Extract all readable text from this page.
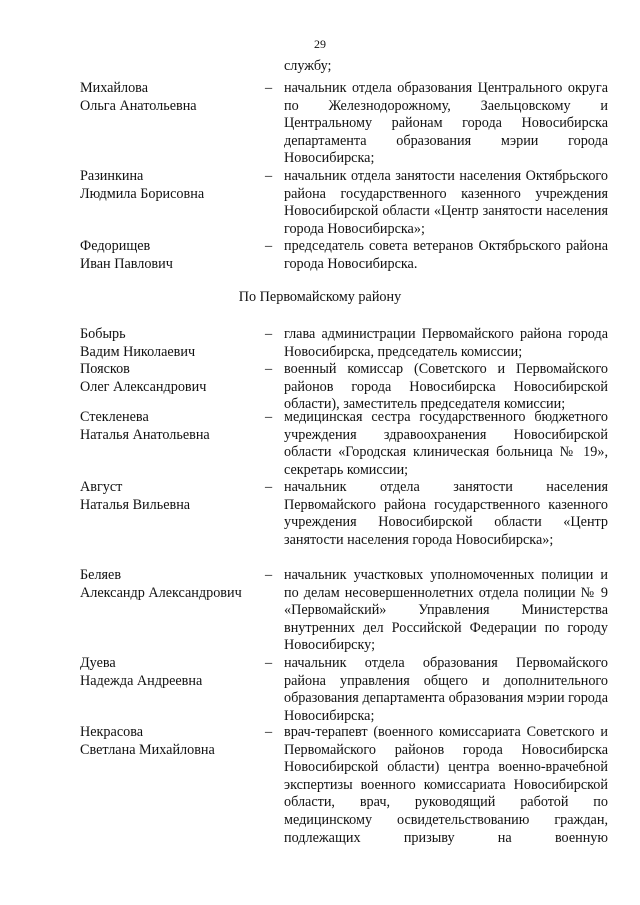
29
службу;
Михайлова
Ольга Анатольевна
– начальник отдела образования Центрального округа по Железнодорожному, Заельцовскому и Центральному районам города Новосибирска департамента образования мэрии города Новосибирска;
Разинкина
Людмила Борисовна
– начальник отдела занятости населения Октябрьского района государственного казенного учреждения Новосибирской области «Центр занятости населения города Новосибирска»;
Федорищев
Иван Павлович
– председатель совета ветеранов Октябрьского района города Новосибирска.
По Первомайскому району
Бобырь
Вадим Николаевич
– глава администрации Первомайского района города Новосибирска, председатель комиссии;
Поясков
Олег Александрович
– военный комиссар (Советского и Первомайского районов города Новосибирска Новосибирской области), заместитель председателя комиссии;
Стекленева
Наталья Анатольевна
– медицинская сестра государственного бюджетного учреждения здравоохранения Новосибирской области «Городская клиническая больница № 19», секретарь комиссии;
Август
Наталья Вильевна
– начальник отдела занятости населения Первомайского района государственного казенного учреждения Новосибирской области «Центр занятости населения города Новосибирска»;
Беляев
Александр Александрович
– начальник участковых уполномоченных полиции и по делам несовершеннолетних отдела полиции № 9 «Первомайский» Управления Министерства внутренних дел Российской Федерации по городу Новосибирску;
Дуева
Надежда Андреевна
– начальник отдела образования Первомайского района управления общего и дополнительного образования департамента образования мэрии города Новосибирска;
Некрасова
Светлана Михайловна
– врач-терапевт (военного комиссариата Советского и Первомайского районов города Новосибирска Новосибирской области) центра военно-врачебной экспертизы военного комиссариата Новосибирской области, врач, руководящий работой по медицинскому освидетельствованию граждан, подлежащих призыву на военную
